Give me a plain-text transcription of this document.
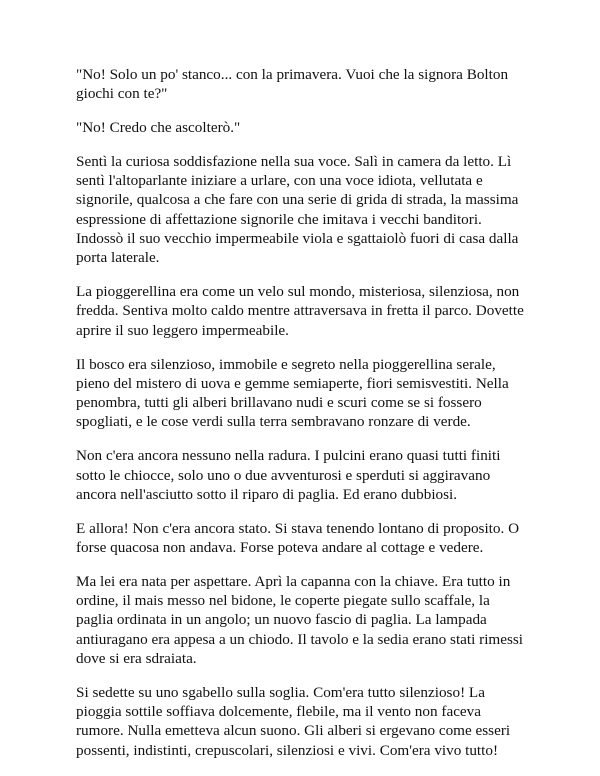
"No! Solo un po' stanco... con la primavera. Vuoi che la signora Bolton giochi con te?"

"No! Credo che ascolterò."

Sentì la curiosa soddisfazione nella sua voce. Salì in camera da letto. Lì sentì l'altoparlante iniziare a urlare, con una voce idiota, vellutata e signorile, qualcosa a che fare con una serie di grida di strada, la massima espressione di affettazione signorile che imitava i vecchi banditori. Indossò il suo vecchio impermeabile viola e sgattaiolò fuori di casa dalla porta laterale.

La pioggerellina era come un velo sul mondo, misteriosa, silenziosa, non fredda. Sentiva molto caldo mentre attraversava in fretta il parco. Dovette aprire il suo leggero impermeabile.

Il bosco era silenzioso, immobile e segreto nella pioggerellina serale, pieno del mistero di uova e gemme semiaperte, fiori semisvestiti. Nella penombra, tutti gli alberi brillavano nudi e scuri come se si fossero spogliati, e le cose verdi sulla terra sembravano ronzare di verde.

Non c'era ancora nessuno nella radura. I pulcini erano quasi tutti finiti sotto le chiocce, solo uno o due avventurosi e sperduti si aggiravano ancora nell'asciutto sotto il riparo di paglia. Ed erano dubbiosi.

E allora! Non c'era ancora stato. Si stava tenendo lontano di proposito. O forse quacosa non andava. Forse poteva andare al cottage e vedere.

Ma lei era nata per aspettare. Aprì la capanna con la chiave. Era tutto in ordine, il mais messo nel bidone, le coperte piegate sullo scaffale, la paglia ordinata in un angolo; un nuovo fascio di paglia. La lampada antiuragano era appesa a un chiodo. Il tavolo e la sedia erano stati rimessi dove si era sdraiata.

Si sedette su uno sgabello sulla soglia. Com'era tutto silenzioso! La pioggia sottile soffiava dolcemente, flebile, ma il vento non faceva rumore. Nulla emetteva alcun suono. Gli alberi si ergevano come esseri possenti, indistinti, crepuscolari, silenziosi e vivi. Com'era vivo tutto!
